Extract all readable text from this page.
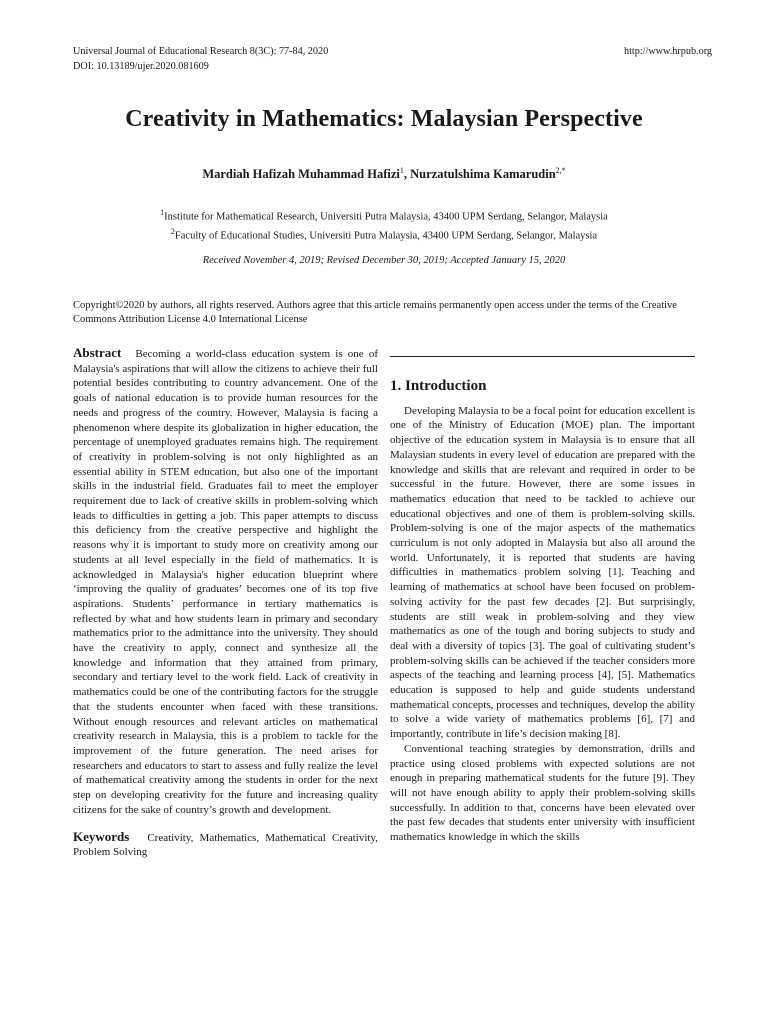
Universal Journal of Educational Research 8(3C): 77-84, 2020
DOI: 10.13189/ujer.2020.081609
http://www.hrpub.org
Creativity in Mathematics: Malaysian Perspective
Mardiah Hafizah Muhammad Hafizi$^1$, Nurzatulshima Kamarudin$^{2,*}$
$^1$Institute for Mathematical Research, Universiti Putra Malaysia, 43400 UPM Serdang, Selangor, Malaysia
$^2$Faculty of Educational Studies, Universiti Putra Malaysia, 43400 UPM Serdang, Selangor, Malaysia
Received November 4, 2019; Revised December 30, 2019; Accepted January 15, 2020
Copyright©2020 by authors, all rights reserved. Authors agree that this article remains permanently open access under the terms of the Creative Commons Attribution License 4.0 International License
Abstract Becoming a world-class education system is one of Malaysia's aspirations that will allow the citizens to achieve their full potential besides contributing to country advancement. One of the goals of national education is to provide human resources for the needs and progress of the country. However, Malaysia is facing a phenomenon where despite its globalization in higher education, the percentage of unemployed graduates remains high. The requirement of creativity in problem-solving is not only highlighted as an essential ability in STEM education, but also one of the important skills in the industrial field. Graduates fail to meet the employer requirement due to lack of creative skills in problem-solving which leads to difficulties in getting a job. This paper attempts to discuss this deficiency from the creative perspective and highlight the reasons why it is important to study more on creativity among our students at all level especially in the field of mathematics. It is acknowledged in Malaysia's higher education blueprint where ‘improving the quality of graduates’ becomes one of its top five aspirations. Students’ performance in tertiary mathematics is reflected by what and how students learn in primary and secondary mathematics prior to the admittance into the university. They should have the creativity to apply, connect and synthesize all the knowledge and information that they attained from primary, secondary and tertiary level to the work field. Lack of creativity in mathematics could be one of the contributing factors for the struggle that the students encounter when faced with these transitions. Without enough resources and relevant articles on mathematical creativity research in Malaysia, this is a problem to tackle for the improvement of the future generation. The need arises for researchers and educators to start to assess and fully realize the level of mathematical creativity among the students in order for the next step on developing creativity for the future and increasing quality citizens for the sake of country’s growth and development.
Keywords Creativity, Mathematics, Mathematical Creativity, Problem Solving
1. Introduction

Developing Malaysia to be a focal point for education excellent is one of the Ministry of Education (MOE) plan. The important objective of the education system in Malaysia is to ensure that all Malaysian students in every level of education are prepared with the knowledge and skills that are relevant and required in order to be successful in the future. However, there are some issues in mathematics education that need to be tackled to achieve our educational objectives and one of them is problem-solving skills. Problem-solving is one of the major aspects of the mathematics curriculum is not only adopted in Malaysia but also all around the world. Unfortunately, it is reported that students are having difficulties in mathematics problem solving [1]. Teaching and learning of mathematics at school have been focused on problem-solving activity for the past few decades [2]. But surprisingly, students are still weak in problem-solving and they view mathematics as one of the tough and boring subjects to study and deal with a diversity of topics [3]. The goal of cultivating student’s problem-solving skills can be achieved if the teacher considers more aspects of the teaching and learning process [4], [5]. Mathematics education is supposed to help and guide students understand mathematical concepts, processes and techniques, develop the ability to solve a wide variety of mathematics problems [6], [7] and importantly, contribute in life’s decision making [8].

Conventional teaching strategies by demonstration, drills and practice using closed problems with expected solutions are not enough in preparing mathematical students for the future [9]. They will not have enough ability to apply their problem-solving skills successfully. In addition to that, concerns have been elevated over the past few decades that students enter university with insufficient mathematics knowledge in which the skills
